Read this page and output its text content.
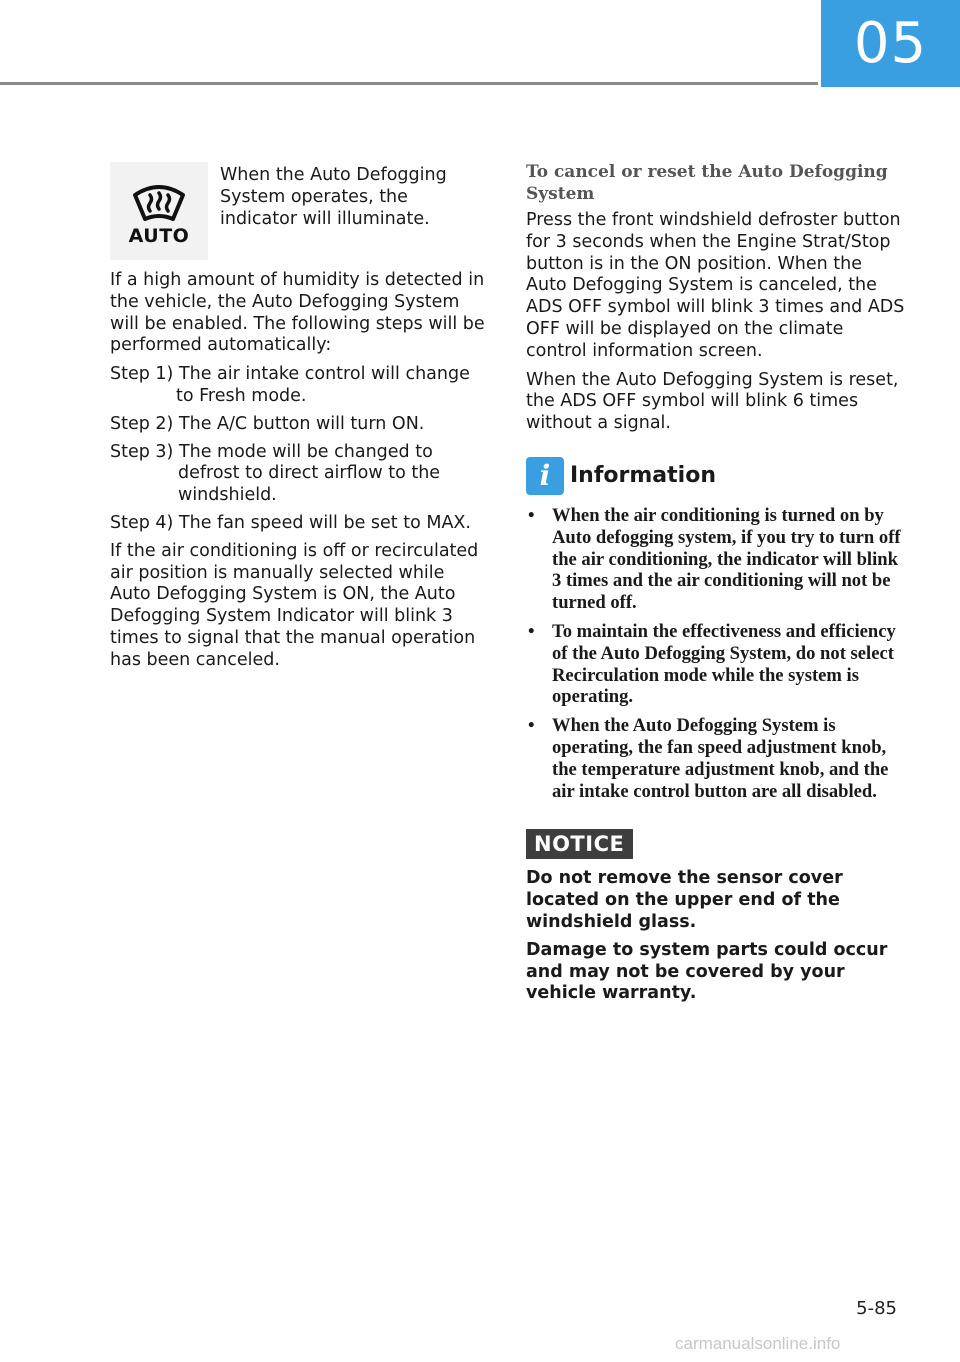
05
AUTO

When the Auto Defogging System operates, the indicator will illuminate.

If a high amount of humidity is detected in the vehicle, the Auto Defogging System will be enabled. The following steps will be performed automatically:

Step 1) The air intake control will change to Fresh mode.

Step 2) The A/C button will turn ON.

Step 3) The mode will be changed to defrost to direct airflow to the windshield.

Step 4) The fan speed will be set to MAX.

If the air conditioning is off or recirculated air position is manually selected while Auto Defogging System is ON, the Auto Defogging System Indicator will blink 3 times to signal that the manual operation has been canceled.

To cancel or reset the Auto Defogging System

Press the front windshield defroster button for 3 seconds when the Engine Strat/Stop button is in the ON position. When the Auto Defogging System is canceled, the ADS OFF symbol will blink 3 times and ADS OFF will be displayed on the climate control information screen.

When the Auto Defogging System is reset, the ADS OFF symbol will blink 6 times without a signal.

i Information
• When the air conditioning is turned on by Auto defogging system, if you try to turn off the air conditioning, the indicator will blink 3 times and the air conditioning will not be turned off.
• To maintain the effectiveness and efficiency of the Auto Defogging System, do not select Recirculation mode while the system is operating.
• When the Auto Defogging System is operating, the fan speed adjustment knob, the temperature adjustment knob, and the air intake control button are all disabled.
NOTICE

Do not remove the sensor cover located on the upper end of the windshield glass.

Damage to system parts could occur and may not be covered by your vehicle warranty.

5-85
carmanualsonline.info
